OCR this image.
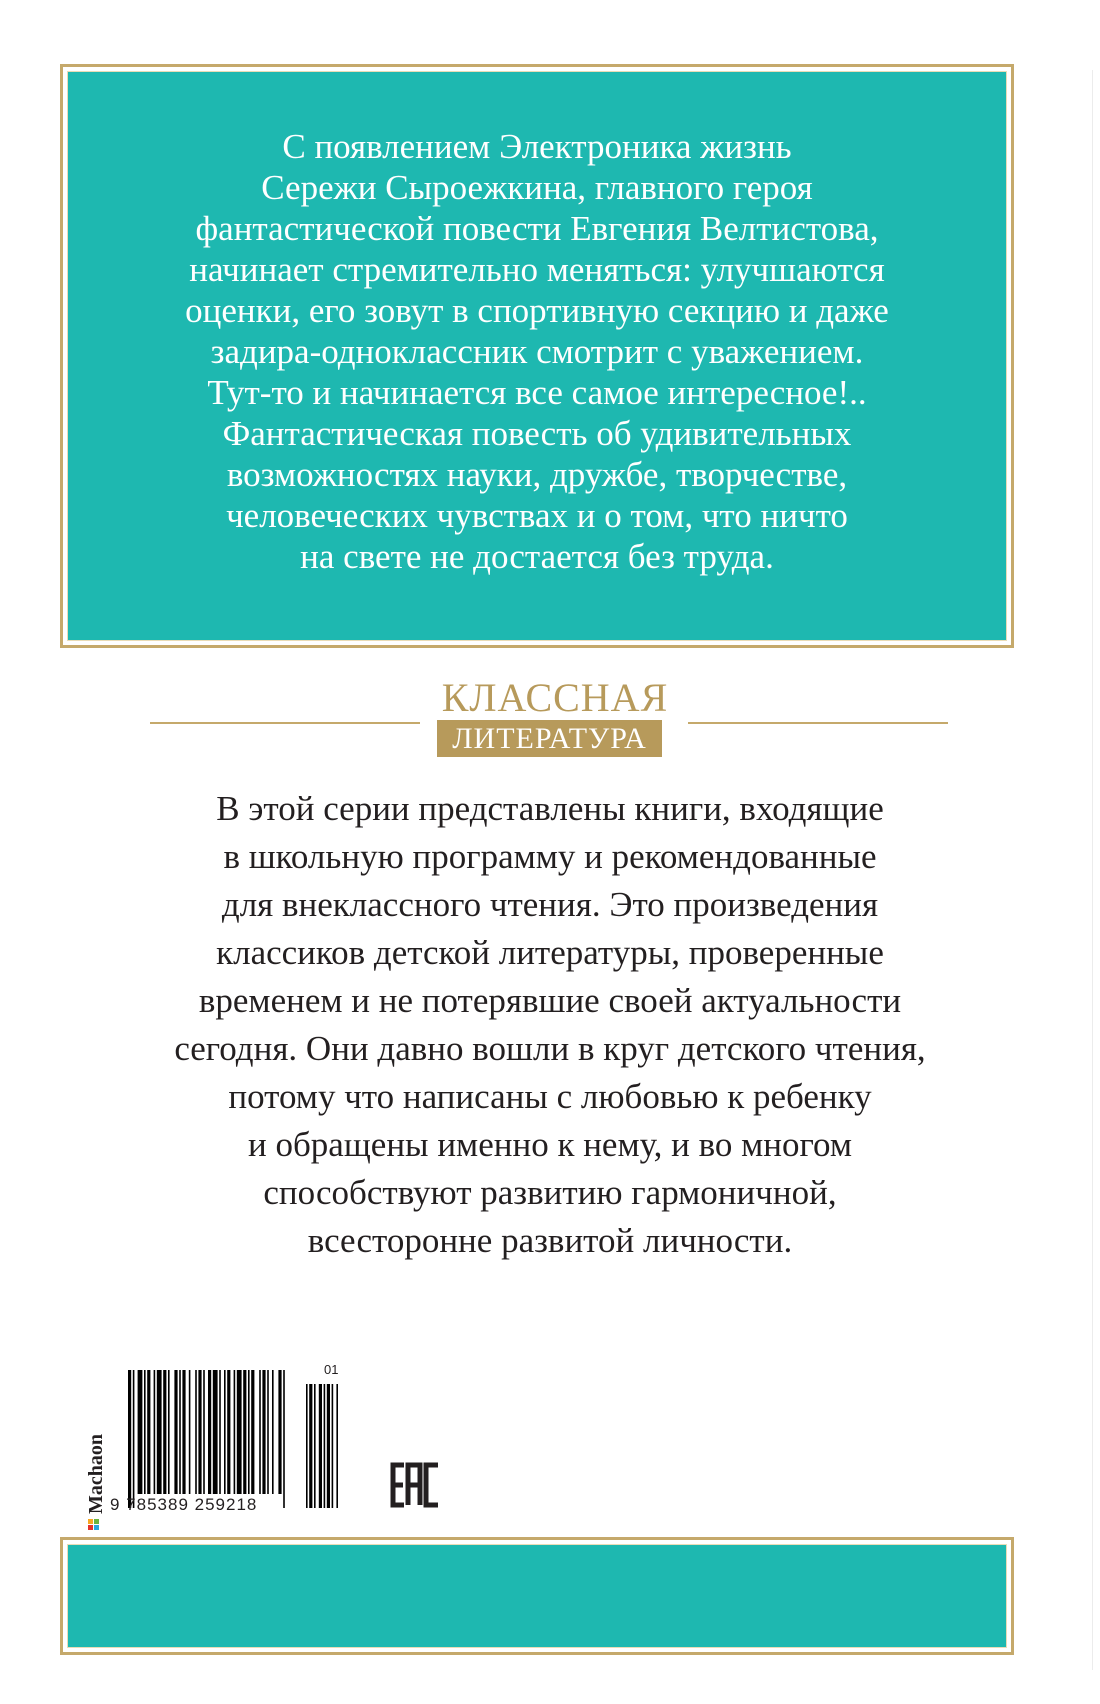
С появлением Электроника жизнь
Сережи Сыроежкина, главного героя
фантастической повести Евгения Велтистова,
начинает стремительно меняться: улучшаются
оценки, его зовут в спортивную секцию и даже
задира-одноклассник смотрит с уважением.
Тут-то и начинается все самое интересное!..
Фантастическая повесть об удивительных
возможностях науки, дружбе, творчестве,
человеческих чувствах и о том, что ничто
на свете не достается без труда.

КЛАССНАЯ

ЛИТЕРАТУРА

В этой серии представлены книги, входящие
в школьную программу и рекомендованные
для внеклассного чтения. Это произведения
классиков детской литературы, проверенные
временем и не потерявшие своей актуальности
сегодня. Они давно вошли в круг детского чтения,
потому что написаны с любовью к ребенку
и обращены именно к нему, и во многом
способствуют развитию гармоничной,
всесторонне развитой личности.

Machaon 9 785389 259218
01
